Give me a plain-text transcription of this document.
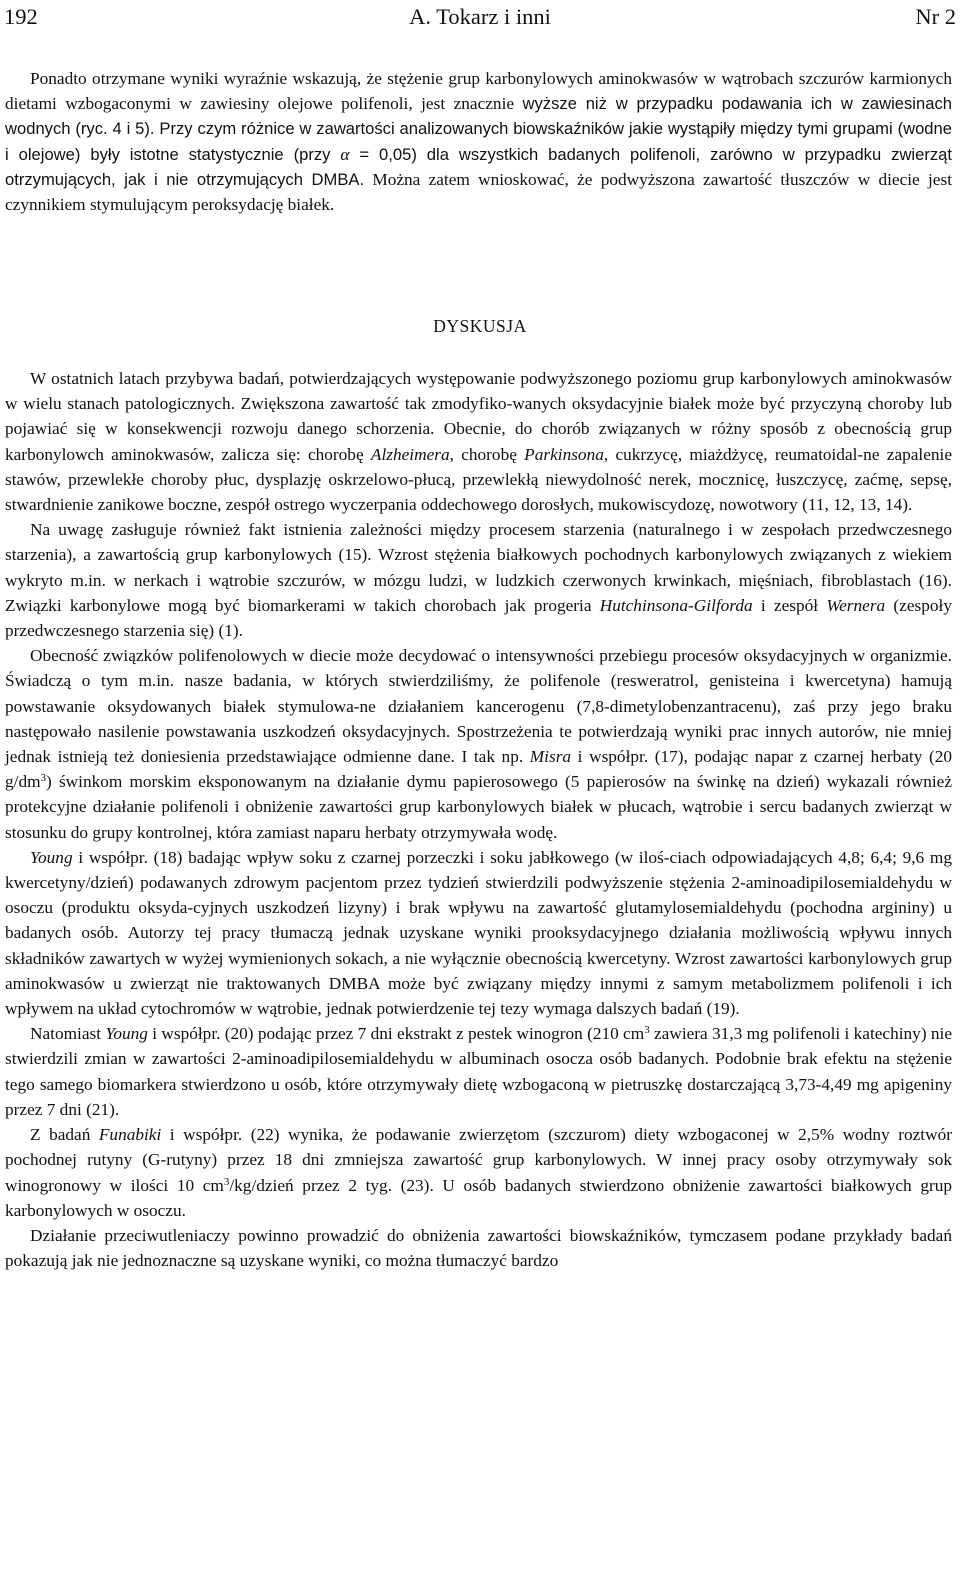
192	A. Tokarz i inni	Nr 2

Ponadto otrzymane wyniki wyraźnie wskazują, że stężenie grup karbonylowych aminokwasów w wątrobach szczurów karmionych dietami wzbogaconymi w zawiesiny olejowe polifenoli, jest znacznie wyższe niż w przypadku podawania ich w zawiesinach wodnych (ryc. 4 i 5). Przy czym różnice w zawartości analizowanych biowskaźników jakie wystąpiły między tymi grupami (wodne i olejowe) były istotne statystycznie (przy α = 0,05) dla wszystkich badanych polifenoli, zarówno w przypadku zwierząt otrzymujących, jak i nie otrzymujących DMBA. Można zatem wnioskować, że podwyższona zawartość tłuszczów w diecie jest czynnikiem stymulującym peroksydację białek.

DYSKUSJA

W ostatnich latach przybywa badań, potwierdzających występowanie podwyższonego poziomu grup karbonylowych aminokwasów w wielu stanach patologicznych. Zwiększona zawartość tak zmodyfiko-wanych oksydacyjnie białek może być przyczyną choroby lub pojawiać się w konsekwencji rozwoju danego schorzenia. Obecnie, do chorób związanych w różny sposób z obecnością grup karbonylowch aminokwasów, zalicza się: chorobę Alzheimera, chorobę Parkinsona, cukrzycę, miażdżycę, reumatoidal-ne zapalenie stawów, przewlekłe choroby płuc, dysplazję oskrzelowo-płucą, przewlekłą niewydolność nerek, mocznicę, łuszczycę, zaćmę, sepsę, stwardnienie zanikowe boczne, zespół ostrego wyczerpania oddechowego dorosłych, mukowiscydozę, nowotwory (11, 12, 13, 14).

Na uwagę zasługuje również fakt istnienia zależności między procesem starzenia (naturalnego i w zespołach przedwczesnego starzenia), a zawartością grup karbonylowych (15). Wzrost stężenia białkowych pochodnych karbonylowych związanych z wiekiem wykryto m.in. w nerkach i wątrobie szczurów, w mózgu ludzi, w ludzkich czerwonych krwinkach, mięśniach, fibroblastach (16). Związki karbonylowe mogą być biomarkerami w takich chorobach jak progeria Hutchinsona-Gilforda i zespół Wernera (zespoły przedwczesnego starzenia się) (1).

Obecność związków polifenolowych w diecie może decydować o intensywności przebiegu procesów oksydacyjnych w organizmie. Świadczą o tym m.in. nasze badania, w których stwierdziliśmy, że polifenole (resweratrol, genisteina i kwercetyna) hamują powstawanie oksydowanych białek stymulowa-ne działaniem kancerogenu (7,8-dimetylobenzantracenu), zaś przy jego braku następowało nasilenie powstawania uszkodzeń oksydacyjnych. Spostrzeżenia te potwierdzają wyniki prac innych autorów, nie mniej jednak istnieją też doniesienia przedstawiające odmienne dane. I tak np. Misra i współpr. (17), podając napar z czarnej herbaty (20 $g/dm^3$) świnkom morskim eksponowanym na działanie dymu papierosowego (5 papierosów na świnkę na dzień) wykazali również protekcyjne działanie polifenoli i obniżenie zawartości grup karbonylowych białek w płucach, wątrobie i sercu badanych zwierząt w stosunku do grupy kontrolnej, która zamiast naparu herbaty otrzymywała wodę.

Young i współpr. (18) badając wpływ soku z czarnej porzeczki i soku jabłkowego (w iloś-ciach odpowiadających 4,8; 6,4; 9,6 mg kwercetyny/dzień) podawanych zdrowym pacjentom przez tydzień stwierdzili podwyższenie stężenia 2-aminoadipilosemialdehydu w osoczu (produktu oksyda-cyjnych uszkodzeń lizyny) i brak wpływu na zawartość glutamylosemialdehydu (pochodna argininy) u badanych osób. Autorzy tej pracy tłumaczą jednak uzyskane wyniki prooksydacyjnego działania możliwością wpływu innych składników zawartych w wyżej wymienionych sokach, a nie wyłącznie obecnością kwercetyny. Wzrost zawartości karbonylowych grup aminokwasów u zwierząt nie traktowanych DMBA może być związany między innymi z samym metabolizmem polifenoli i ich wpływem na układ cytochromów w wątrobie, jednak potwierdzenie tej tezy wymaga dalszych badań (19).

Natomiast Young i współpr. (20) podając przez 7 dni ekstrakt z pestek winogron (210 $cm^3$ zawiera 31,3 mg polifenoli i katechiny) nie stwierdzili zmian w zawartości 2-aminoadipilosemialdehydu w albuminach osocza osób badanych. Podobnie brak efektu na stężenie tego samego biomarkera stwierdzono u osób, które otrzymywały dietę wzbogaconą w pietruszkę dostarczającą 3,73-4,49 mg apigeniny przez 7 dni (21).

Z badań Funabiki i współpr. (22) wynika, że podawanie zwierzętom (szczurom) diety wzbogaconej w 2,5% wodny roztwór pochodnej rutyny (G-rutyny) przez 18 dni zmniejsza zawartość grup karbonylowych. W innej pracy osoby otrzymywały sok winogronowy w ilości 10 $cm^3/kg$/dzień przez 2 tyg. (23). U osób badanych stwierdzono obniżenie zawartości białkowych grup karbonylowych w osoczu.

Działanie przeciwutleniaczy powinno prowadzić do obniżenia zawartości biowskaźników, tymczasem podane przykłady badań pokazują jak nie jednoznaczne są uzyskane wyniki, co można tłumaczyć bardzo
